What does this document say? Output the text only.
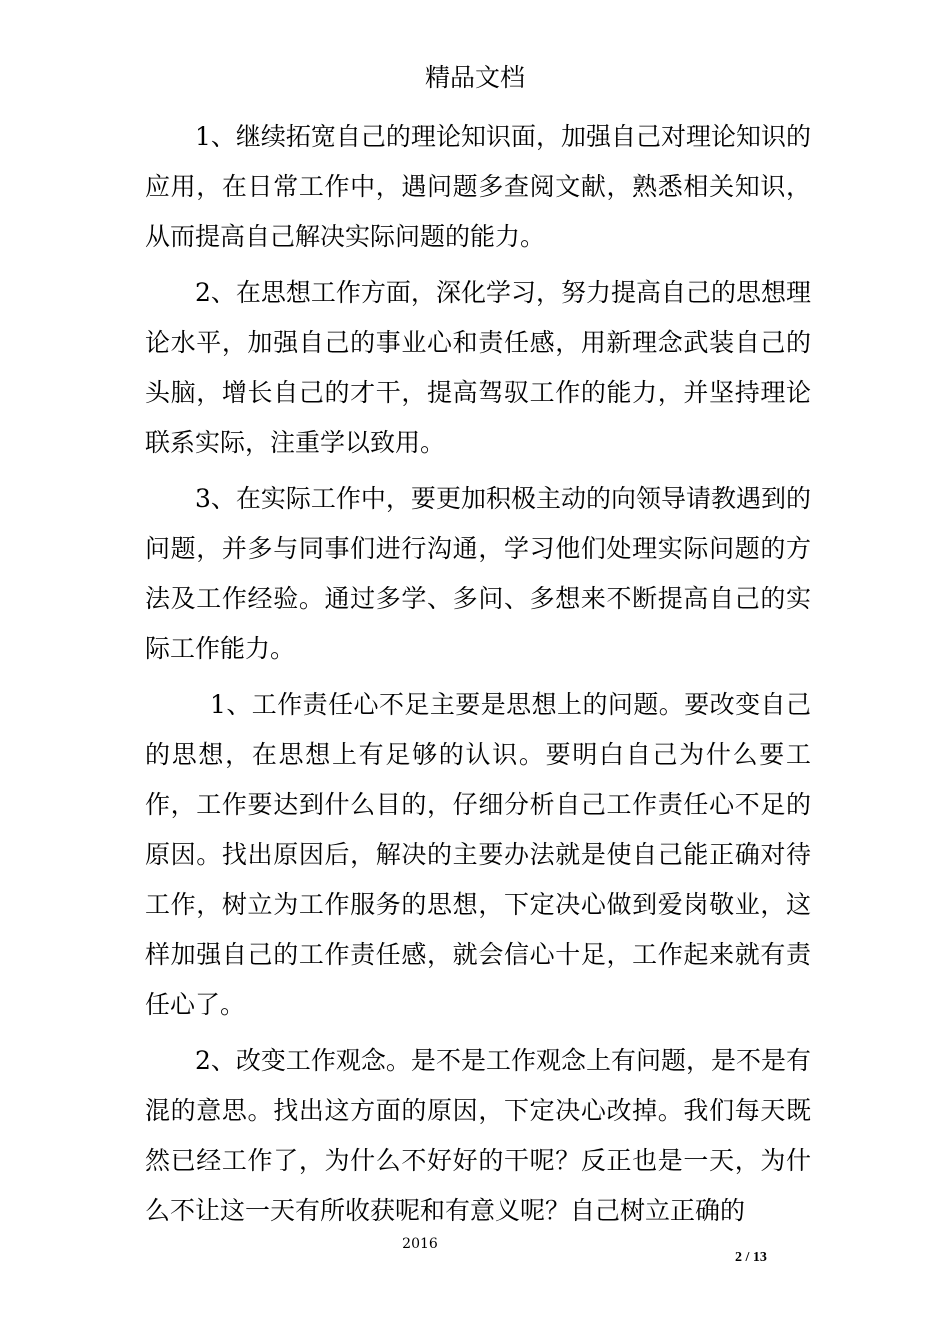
精品文档

1、继续拓宽自己的理论知识面，加强自己对理论知识的应用，在日常工作中，遇问题多查阅文献，熟悉相关知识，从而提高自己解决实际问题的能力。

2、在思想工作方面，深化学习，努力提高自己的思想理论水平，加强自己的事业心和责任感，用新理念武装自己的头脑，增长自己的才干，提高驾驭工作的能力，并坚持理论联系实际，注重学以致用。

3、在实际工作中，要更加积极主动的向领导请教遇到的问题，并多与同事们进行沟通，学习他们处理实际问题的方法及工作经验。通过多学、多问、多想来不断提高自己的实际工作能力。

1、工作责任心不足主要是思想上的问题。要改变自己的思想，在思想上有足够的认识。要明白自己为什么要工作，工作要达到什么目的，仔细分析自己工作责任心不足的原因。找出原因后，解决的主要办法就是使自己能正确对待工作，树立为工作服务的思想，下定决心做到爱岗敬业，这样加强自己的工作责任感，就会信心十足，工作起来就有责任心了。

2、改变工作观念。是不是工作观念上有问题，是不是有混的意思。找出这方面的原因，下定决心改掉。我们每天既然已经工作了，为什么不好好的干呢？反正也是一天，为什么不让这一天有所收获呢和有意义呢？自己树立正确的

2016
2 / 13
